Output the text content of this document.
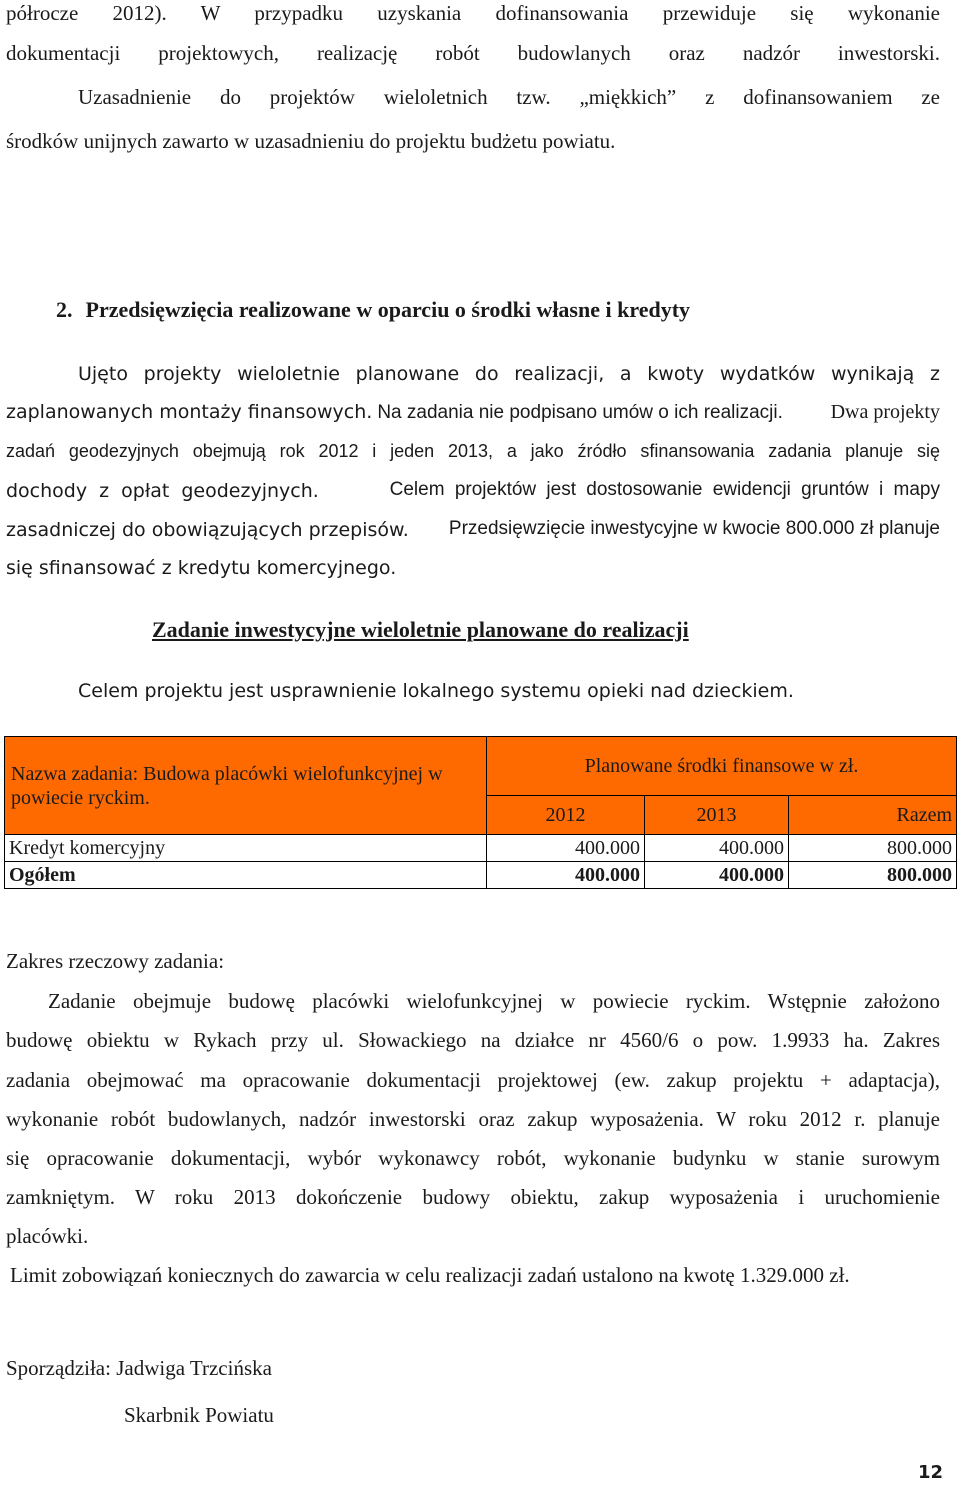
półrocze 2012). W przypadku uzyskania dofinansowania przewiduje się wykonanie
dokumentacji projektowych, realizację robót budowlanych oraz nadzór inwestorski.
Uzasadnienie do projektów wieloletnich tzw. „miękkich” z dofinansowaniem ze
środków unijnych zawarto w uzasadnieniu do projektu budżetu powiatu.
2. Przedsięwzięcia realizowane w oparciu o środki własne i kredyty
Ujęto projekty wieloletnie planowane do realizacji, a kwoty wydatków wynikają z
zaplanowanych montaży finansowych. Na zadania nie podpisano umów o ich realizacji. Dwa projekty
zadań geodezyjnych obejmują rok 2012 i jeden 2013, a jako źródło sfinansowania zadania planuje się
dochody z opłat geodezyjnych.	Celem projektów jest dostosowanie ewidencji gruntów i mapy
zasadniczej do obowiązujących przepisów. Przedsięwzięcie inwestycyjne w kwocie 800.000 zł planuje
się sfinansować z kredytu komercyjnego.
Zadanie inwestycyjne wieloletnie planowane do realizacji
Celem projektu jest usprawnienie lokalnego systemu opieki nad dzieckiem.
Nazwa zadania: Budowa placówki wielofunkcyjnej w powiecie ryckim.	Planowane środki finansowe w zł.		
	2012	2013	Razem
Kredyt komercyjny	400.000	400.000	800.000
Ogółem	400.000	400.000	800.000
Zakres rzeczowy zadania:
Zadanie obejmuje budowę placówki wielofunkcyjnej w powiecie ryckim. Wstępnie założono
budowę obiektu w Rykach przy ul. Słowackiego na działce nr 4560/6 o pow. 1.9933 ha. Zakres
zadania obejmować ma opracowanie dokumentacji projektowej (ew. zakup projektu + adaptacja),
wykonanie robót budowlanych, nadzór inwestorski oraz zakup wyposażenia. W roku 2012 r. planuje
się opracowanie dokumentacji, wybór wykonawcy robót, wykonanie budynku w stanie surowym
zamkniętym. W roku 2013 dokończenie budowy obiektu, zakup wyposażenia i uruchomienie
placówki.
Limit zobowiązań koniecznych do zawarcia w celu realizacji zadań ustalono na kwotę 1.329.000 zł.
Sporządziła: Jadwiga Trzcińska
Skarbnik Powiatu
12
